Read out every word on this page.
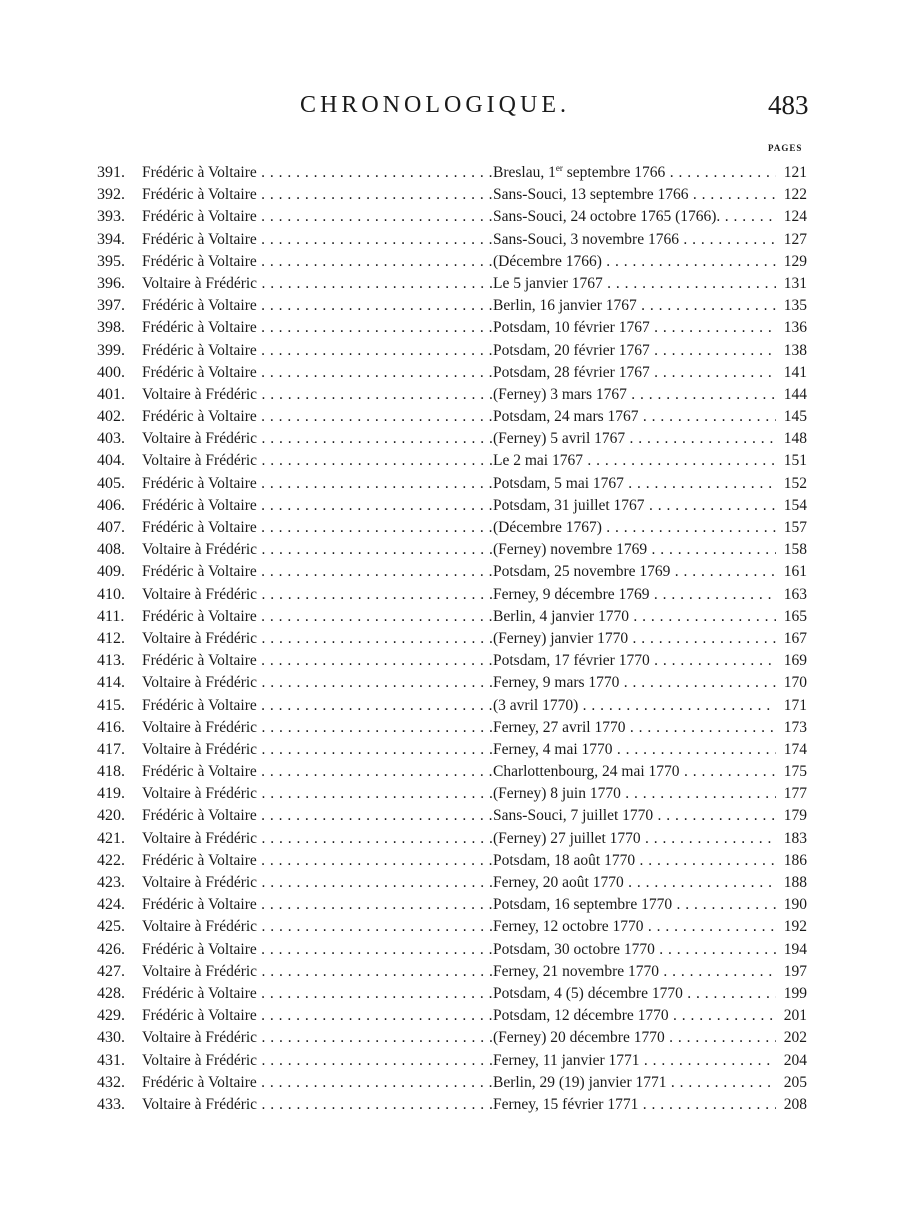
CHRONOLOGIQUE.	483
PAGES
391.	Frédéric à Voltaire . . .	Breslau, 1er septembre 1766 . . .	121
392.	Frédéric à Voltaire . . .	Sans-Souci, 13 septembre 1766 . . .	122
393.	Frédéric à Voltaire . . .	Sans-Souci, 24 octobre 1765 (1766). . . .	124
394.	Frédéric à Voltaire . . .	Sans-Souci, 3 novembre 1766 . . .	127
395.	Frédéric à Voltaire . . .	(Décembre 1766) . . .	129
396.	Voltaire à Frédéric . . .	Le 5 janvier 1767 . . .	131
397.	Frédéric à Voltaire . . .	Berlin, 16 janvier 1767 . . .	135
398.	Frédéric à Voltaire . . .	Potsdam, 10 février 1767 . . .	136
399.	Frédéric à Voltaire . . .	Potsdam, 20 février 1767 . . .	138
400.	Frédéric à Voltaire . . .	Potsdam, 28 février 1767 . . .	141
401.	Voltaire à Frédéric . . .	(Ferney) 3 mars 1767 . . .	144
402.	Frédéric à Voltaire . . .	Potsdam, 24 mars 1767 . . .	145
403.	Voltaire à Frédéric . . .	(Ferney) 5 avril 1767 . . .	148
404.	Voltaire à Frédéric . . .	Le 2 mai 1767 . . .	151
405.	Frédéric à Voltaire . . .	Potsdam, 5 mai 1767 . . .	152
406.	Frédéric à Voltaire . . .	Potsdam, 31 juillet 1767 . . .	154
407.	Frédéric à Voltaire . . .	(Décembre 1767) . . .	157
408.	Voltaire à Frédéric . . .	(Ferney) novembre 1769 . . .	158
409.	Frédéric à Voltaire . . .	Potsdam, 25 novembre 1769 . . .	161
410.	Voltaire à Frédéric . . .	Ferney, 9 décembre 1769 . . .	163
411.	Frédéric à Voltaire . . .	Berlin, 4 janvier 1770 . . .	165
412.	Voltaire à Frédéric . . .	(Ferney) janvier 1770 . . .	167
413.	Frédéric à Voltaire . . .	Potsdam, 17 février 1770 . . .	169
414.	Voltaire à Frédéric . . .	Ferney, 9 mars 1770 . . .	170
415.	Frédéric à Voltaire . . .	(3 avril 1770) . . .	171
416.	Voltaire à Frédéric . . .	Ferney, 27 avril 1770 . . .	173
417.	Voltaire à Frédéric . . .	Ferney, 4 mai 1770 . . .	174
418.	Frédéric à Voltaire . . .	Charlottenbourg, 24 mai 1770 . . .	175
419.	Voltaire à Frédéric . . .	(Ferney) 8 juin 1770 . . .	177
420.	Frédéric à Voltaire . . .	Sans-Souci, 7 juillet 1770 . . .	179
421.	Voltaire à Frédéric . . .	(Ferney) 27 juillet 1770 . . .	183
422.	Frédéric à Voltaire . . .	Potsdam, 18 août 1770 . . .	186
423.	Voltaire à Frédéric . . .	Ferney, 20 août 1770 . . .	188
424.	Frédéric à Voltaire . . .	Potsdam, 16 septembre 1770 . . .	190
425.	Voltaire à Frédéric . . .	Ferney, 12 octobre 1770 . . .	192
426.	Frédéric à Voltaire . . .	Potsdam, 30 octobre 1770 . . .	194
427.	Voltaire à Frédéric . . .	Ferney, 21 novembre 1770 . . .	197
428.	Frédéric à Voltaire . . .	Potsdam, 4 (5) décembre 1770 . . .	199
429.	Frédéric à Voltaire . . .	Potsdam, 12 décembre 1770 . . .	201
430.	Voltaire à Frédéric . . .	(Ferney) 20 décembre 1770 . . .	202
431.	Voltaire à Frédéric . . .	Ferney, 11 janvier 1771 . . .	204
432.	Frédéric à Voltaire . . .	Berlin, 29 (19) janvier 1771 . . .	205
433.	Voltaire à Frédéric . . .	Ferney, 15 février 1771 . . .	208
